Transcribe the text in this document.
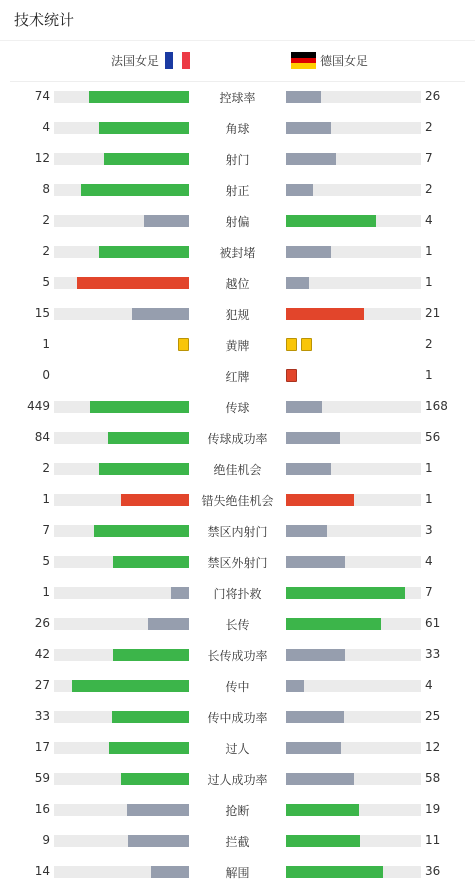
技术统计
法国女足	德国女足
74	控球率	26
4	角球	2
12	射门	7
8	射正	2
2	射偏	4
2	被封堵	1
5	越位	1
15	犯规	21
1	黄牌	2
0	红牌	1
449	传球	168
84	传球成功率	56
2	绝佳机会	1
1	错失绝佳机会	1
7	禁区内射门	3
5	禁区外射门	4
1	门将扑救	7
26	长传	61
42	长传成功率	33
27	传中	4
33	传中成功率	25
17	过人	12
59	过人成功率	58
16	抢断	19
9	拦截	11
14	解围	36
